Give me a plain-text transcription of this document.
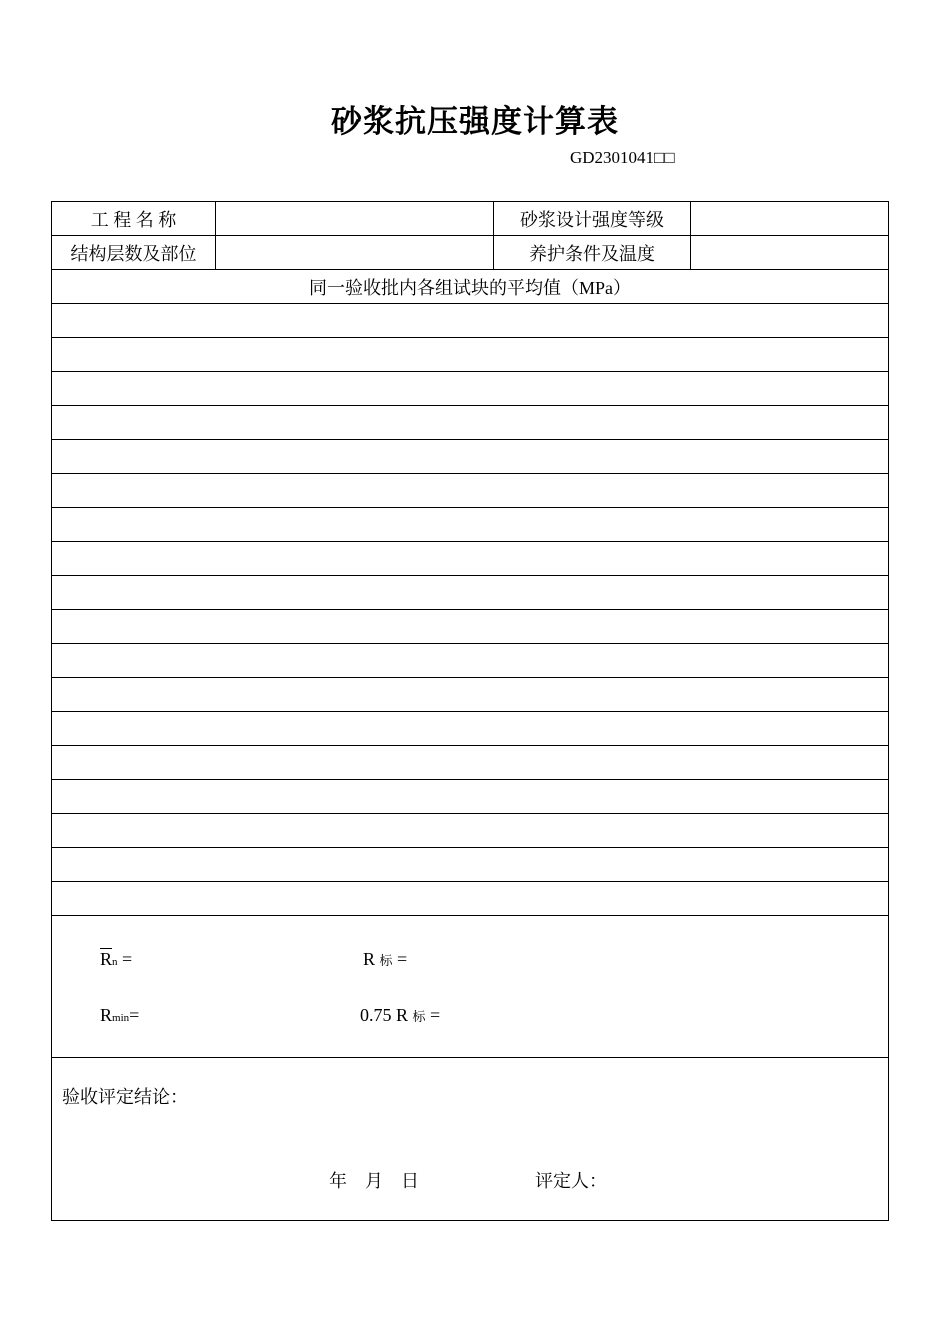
砂浆抗压强度计算表
GD2301041□□
工 程 名 称		砂浆设计强度等级	
结构层数及部位		养护条件及温度	
同一验收批内各组试块的平均值（MPa）			

$\overline{R}n = R$ 标 =
Rmin= 0.75 R 标 =			

验收评定结论：
年　月　日 评定人：			
